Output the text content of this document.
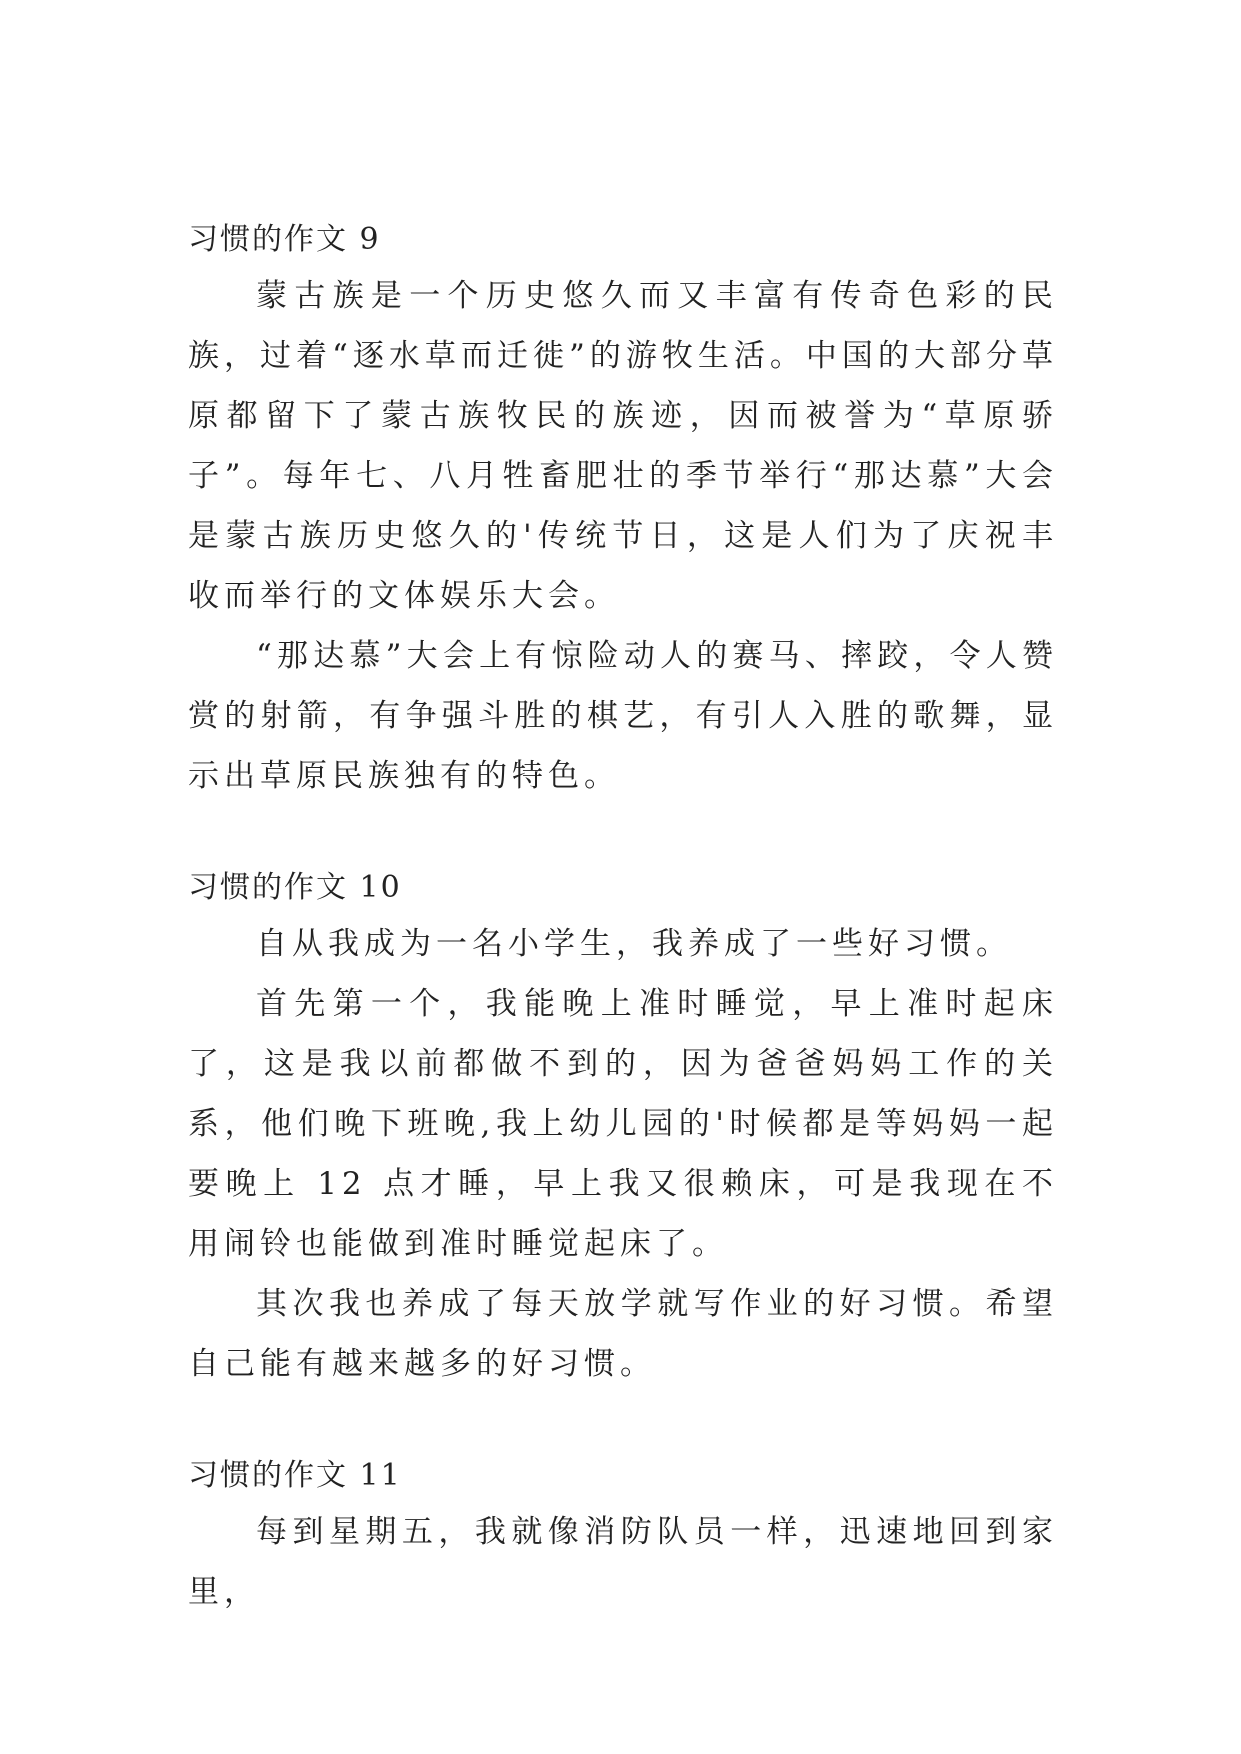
习惯的作文 9

蒙古族是一个历史悠久而又丰富有传奇色彩的民族，过着“逐水草而迁徙”的游牧生活。中国的大部分草原都留下了蒙古族牧民的族迹，因而被誉为“草原骄子”。每年七、八月牲畜肥壮的季节举行“那达慕”大会是蒙古族历史悠久的'传统节日，这是人们为了庆祝丰收而举行的文体娱乐大会。

“那达慕”大会上有惊险动人的赛马、摔跤，令人赞赏的射箭，有争强斗胜的棋艺，有引人入胜的歌舞，显示出草原民族独有的特色。

习惯的作文 10

自从我成为一名小学生，我养成了一些好习惯。

首先第一个，我能晚上准时睡觉，早上准时起床了，这是我以前都做不到的，因为爸爸妈妈工作的关系，他们晚下班晚,我上幼儿园的'时候都是等妈妈一起要晚上 12 点才睡，早上我又很赖床，可是我现在不用闹铃也能做到准时睡觉起床了。

其次我也养成了每天放学就写作业的好习惯。希望自己能有越来越多的好习惯。

习惯的作文 11

每到星期五，我就像消防队员一样，迅速地回到家里，
